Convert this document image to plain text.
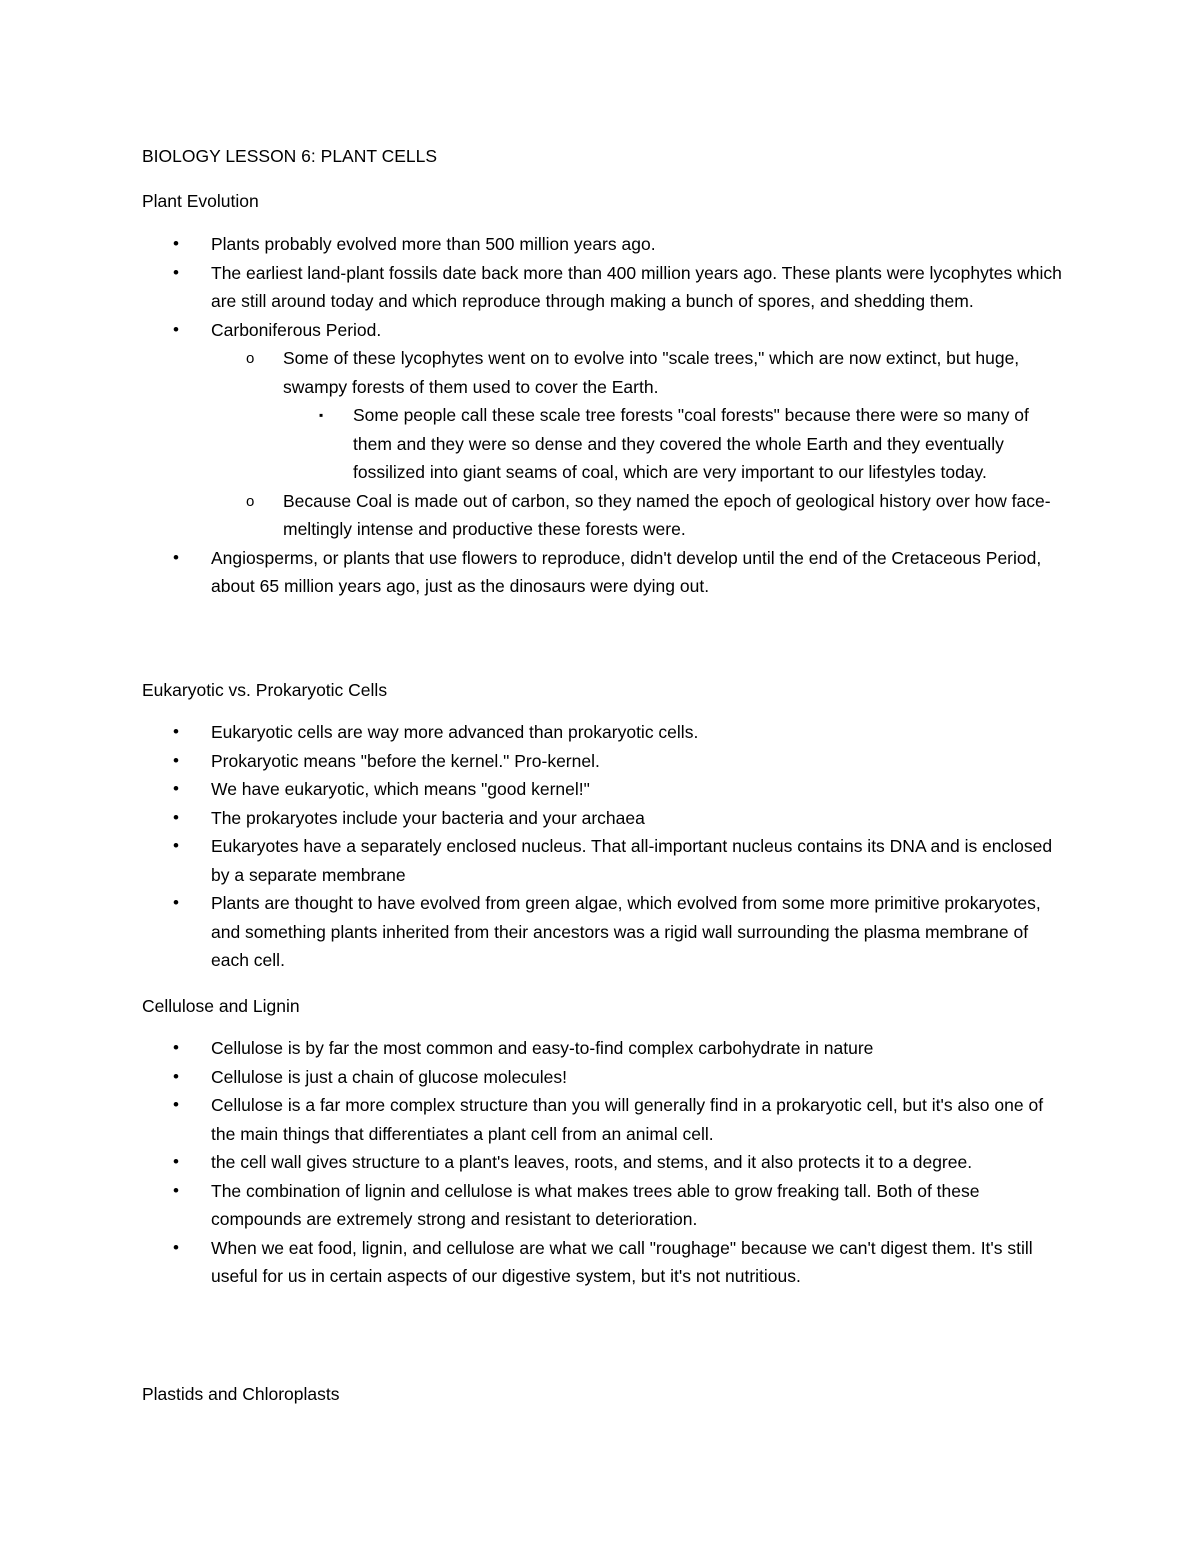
BIOLOGY LESSON 6: PLANT CELLS
Plant Evolution
• Plants probably evolved more than 500 million years ago.
• The earliest land-plant fossils date back more than 400 million years ago. These plants were lycophytes which are still around today and which reproduce through making a bunch of spores, and shedding them.
• Carboniferous Period.
o Some of these lycophytes went on to evolve into "scale trees," which are now extinct, but huge, swampy forests of them used to cover the Earth.
▪ Some people call these scale tree forests "coal forests" because there were so many of them and they were so dense and they covered the whole Earth and they eventually fossilized into giant seams of coal, which are very important to our lifestyles today.
o Because Coal is made out of carbon, so they named the epoch of geological history over how face-meltingly intense and productive these forests were.
• Angiosperms, or plants that use flowers to reproduce, didn't develop until the end of the Cretaceous Period, about 65 million years ago, just as the dinosaurs were dying out.
Eukaryotic vs. Prokaryotic Cells
• Eukaryotic cells are way more advanced than prokaryotic cells.
• Prokaryotic means "before the kernel." Pro-kernel.
• We have eukaryotic, which means "good kernel!"
• The prokaryotes include your bacteria and your archaea
• Eukaryotes have a separately enclosed nucleus. That all-important nucleus contains its DNA and is enclosed by a separate membrane
• Plants are thought to have evolved from green algae, which evolved from some more primitive prokaryotes, and something plants inherited from their ancestors was a rigid wall surrounding the plasma membrane of each cell.
Cellulose and Lignin
• Cellulose is by far the most common and easy-to-find complex carbohydrate in nature
• Cellulose is just a chain of glucose molecules!
• Cellulose is a far more complex structure than you will generally find in a prokaryotic cell, but it's also one of the main things that differentiates a plant cell from an animal cell.
• the cell wall gives structure to a plant's leaves, roots, and stems, and it also protects it to a degree.
• The combination of lignin and cellulose is what makes trees able to grow freaking tall. Both of these compounds are extremely strong and resistant to deterioration.
• When we eat food, lignin, and cellulose are what we call "roughage" because we can't digest them. It's still useful for us in certain aspects of our digestive system, but it's not nutritious.
Plastids and Chloroplasts
